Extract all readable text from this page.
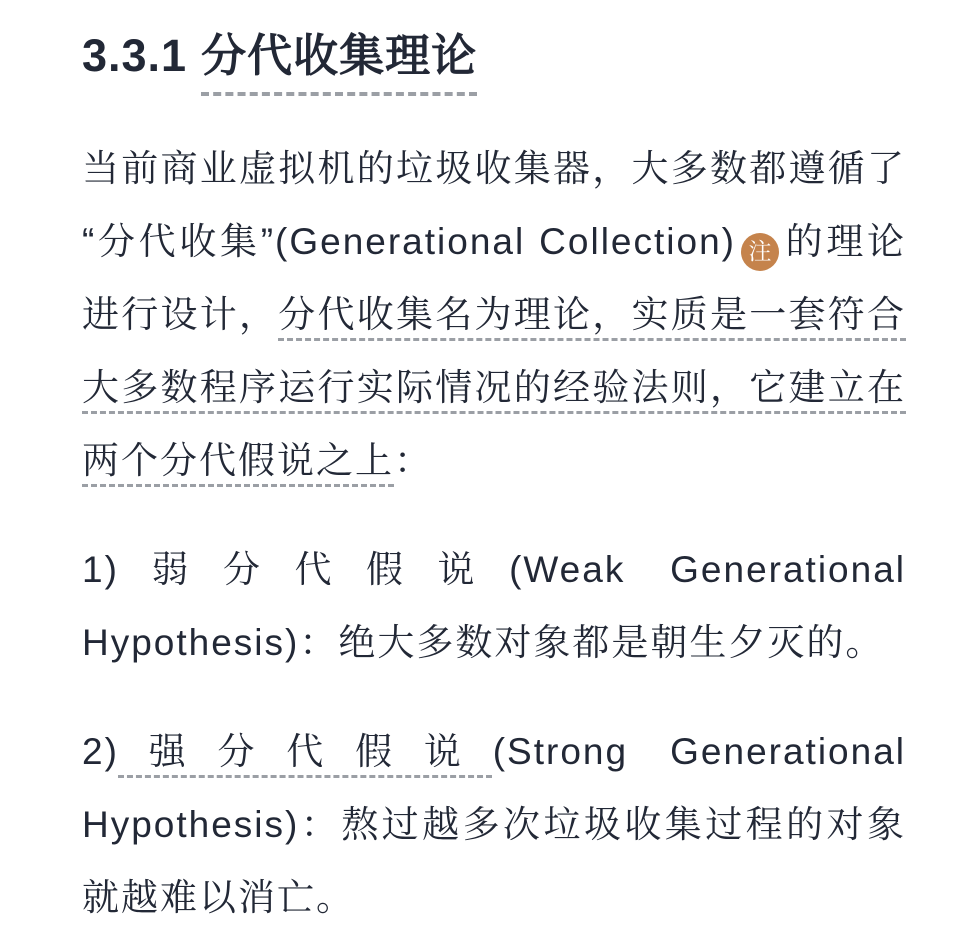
3.3.1 分代收集理论

当前商业虚拟机的垃圾收集器，大多数都遵循了“分代收集”(Generational Collection) 注 的理论进行设计，分代收集名为理论，实质是一套符合大多数程序运行实际情况的经验法则，它建立在两个分代假说之上：

1)弱分代假说(Weak Generational Hypothesis)：绝大多数对象都是朝生夕灭的。

2)强分代假说(Strong Generational Hypothesis)：熬过越多次垃圾收集过程的对象就越难以消亡。
